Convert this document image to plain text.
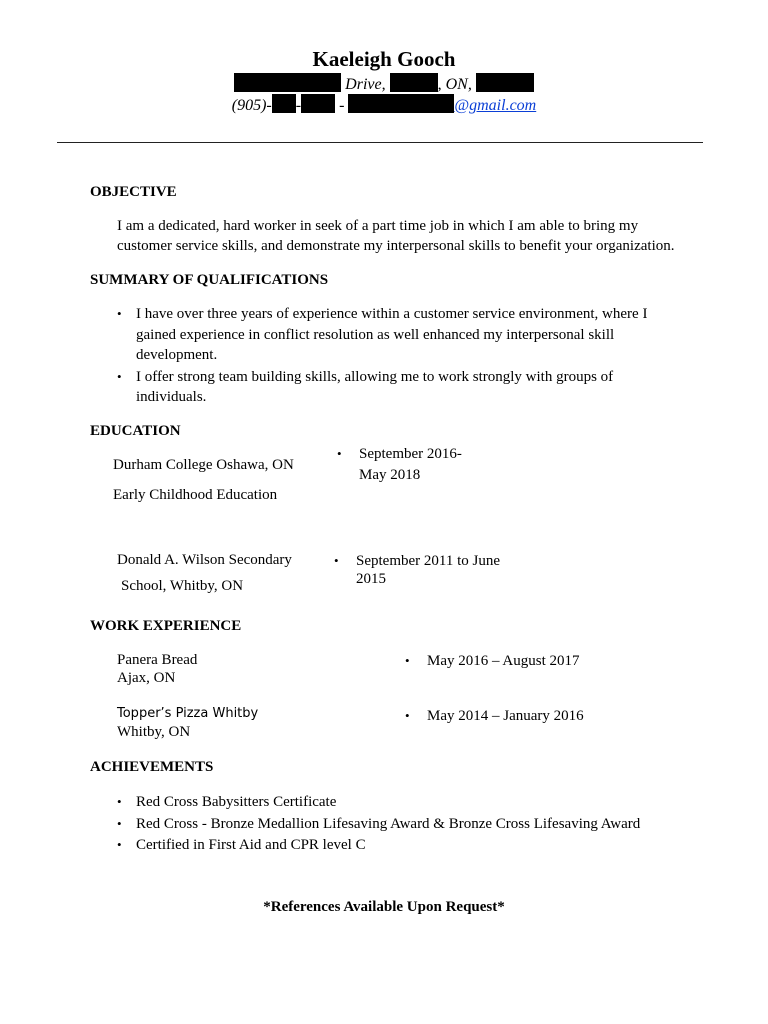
Kaeleigh Gooch
Drive,	, ON,
(905)- - -	@gmail.com
OBJECTIVE
I am a dedicated, hard worker in seek of a part time job in which I am able to bring my
customer service skills, and demonstrate my interpersonal skills to benefit your organization.
SUMMARY OF QUALIFICATIONS
• I have over three years of experience within a customer service environment, where I
gained experience in conflict resolution as well enhanced my interpersonal skill
development.
• I offer strong team building skills, allowing me to work strongly with groups of
individuals.
EDUCATION
Durham College Oshawa, ON
Early Childhood Education
• September 2016-
May 2018
Donald A. Wilson Secondary
School, Whitby, ON
• September 2011 to June
2015
WORK EXPERIENCE
Panera Bread
Ajax, ON
• May 2016 – August 2017
Topper’s Pizza Whitby
Whitby, ON
• May 2014 – January 2016
ACHIEVEMENTS
• Red Cross Babysitters Certificate
• Red Cross - Bronze Medallion Lifesaving Award & Bronze Cross Lifesaving Award
• Certified in First Aid and CPR level C
*References Available Upon Request*
